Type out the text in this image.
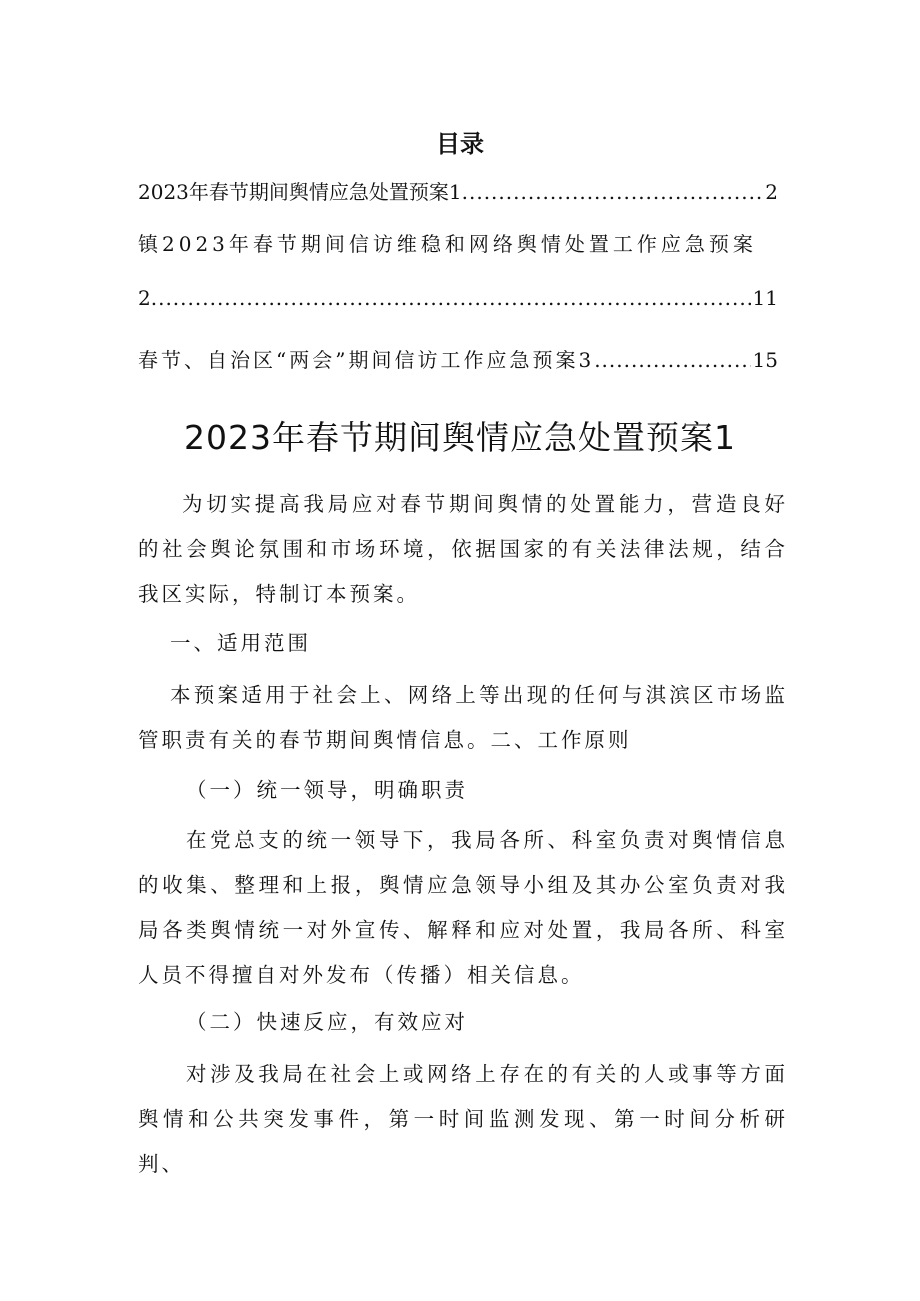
目录
2023年春节期间舆情应急处置预案1 .....	2
镇2023年春节期间信访维稳和网络舆情处置工作应急预案
2 .....	11
春节、自治区“两会”期间信访工作应急预案3 .....	15
2023年春节期间舆情应急处置预案1
为切实提高我局应对春节期间舆情的处置能力，营造良好的社会舆论氛围和市场环境，依据国家的有关法律法规，结合我区实际，特制订本预案。
一、适用范围
本预案适用于社会上、网络上等出现的任何与淇滨区市场监管职责有关的春节期间舆情信息。二、工作原则
（一）统一领导，明确职责
在党总支的统一领导下，我局各所、科室负责对舆情信息的收集、整理和上报，舆情应急领导小组及其办公室负责对我局各类舆情统一对外宣传、解释和应对处置，我局各所、科室人员不得擅自对外发布（传播）相关信息。
（二）快速反应，有效应对
对涉及我局在社会上或网络上存在的有关的人或事等方面舆情和公共突发事件，第一时间监测发现、第一时间分析研判、
